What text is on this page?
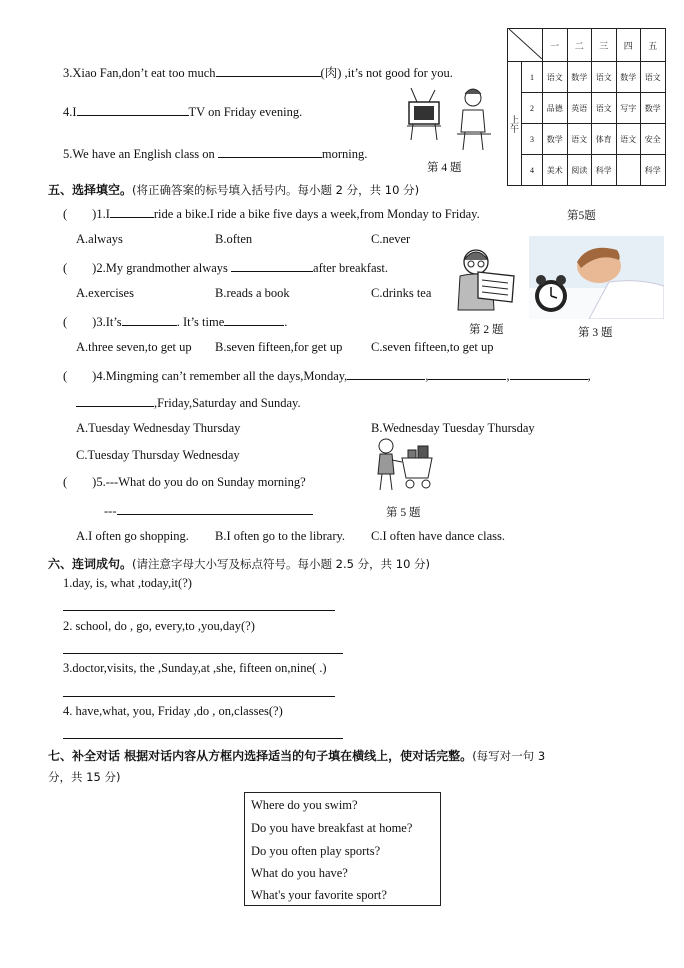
3.Xiao Fan,don’t eat too much	(肉) ,it’s not good for you.
4.I	TV on Friday evening.
5.We have an English class on	morning.
第 4 题
	一	二	三	四	五
上午	1	语文	数学	语文	数学	语文
	2	品德	英语	语文	写字	数学
	3	数学	语文	体育	语文	安全
	4	美术	阅读	科学		科学
五、选择填空。(将正确答案的标号填入括号内。每小题 2 分，共 10 分)
(        )1.I	ride a bike.I ride a bike five days a week,from Monday to Friday.	第5题
A.always	B.often	C.never
(        )2.My grandmother always	after breakfast.
A.exercises	B.reads a book	C.drinks tea
第 2 题	第 3 题
(        )3.It’s	. It’s time	.
A.three seven,to get up B.seven fifteen,for get up C.seven fifteen,to get up
(        )4.Mingming can’t remember all the days,Monday,	,	,	,
,Friday,Saturday and Sunday.
A.Tuesday Wednesday Thursday	B.Wednesday Tuesday Thursday
C.Tuesday Thursday Wednesday
(        )5.---What do you do on Sunday morning?
---	第 5 题
A.I often go shopping. B.I often go to the library. C.I often have dance class.
六、连词成句。(请注意字母大小写及标点符号。每小题 2.5 分，共 10 分)
1.day, is, what ,today,it(?)
2. school, do , go, every,to ,you,day(?)
3.doctor,visits, the ,Sunday,at ,she, fifteen on,nine( .)
4. have,what, you, Friday ,do , on,classes(?)
七、补全对话 根据对话内容从方框内选择适当的句子填在横线上，使对话完整。(每写对一句 3
分，共 15 分)
Where do you swim?
Do you have breakfast at home?
Do you often play sports?
What do you have?
What's your favorite sport?
